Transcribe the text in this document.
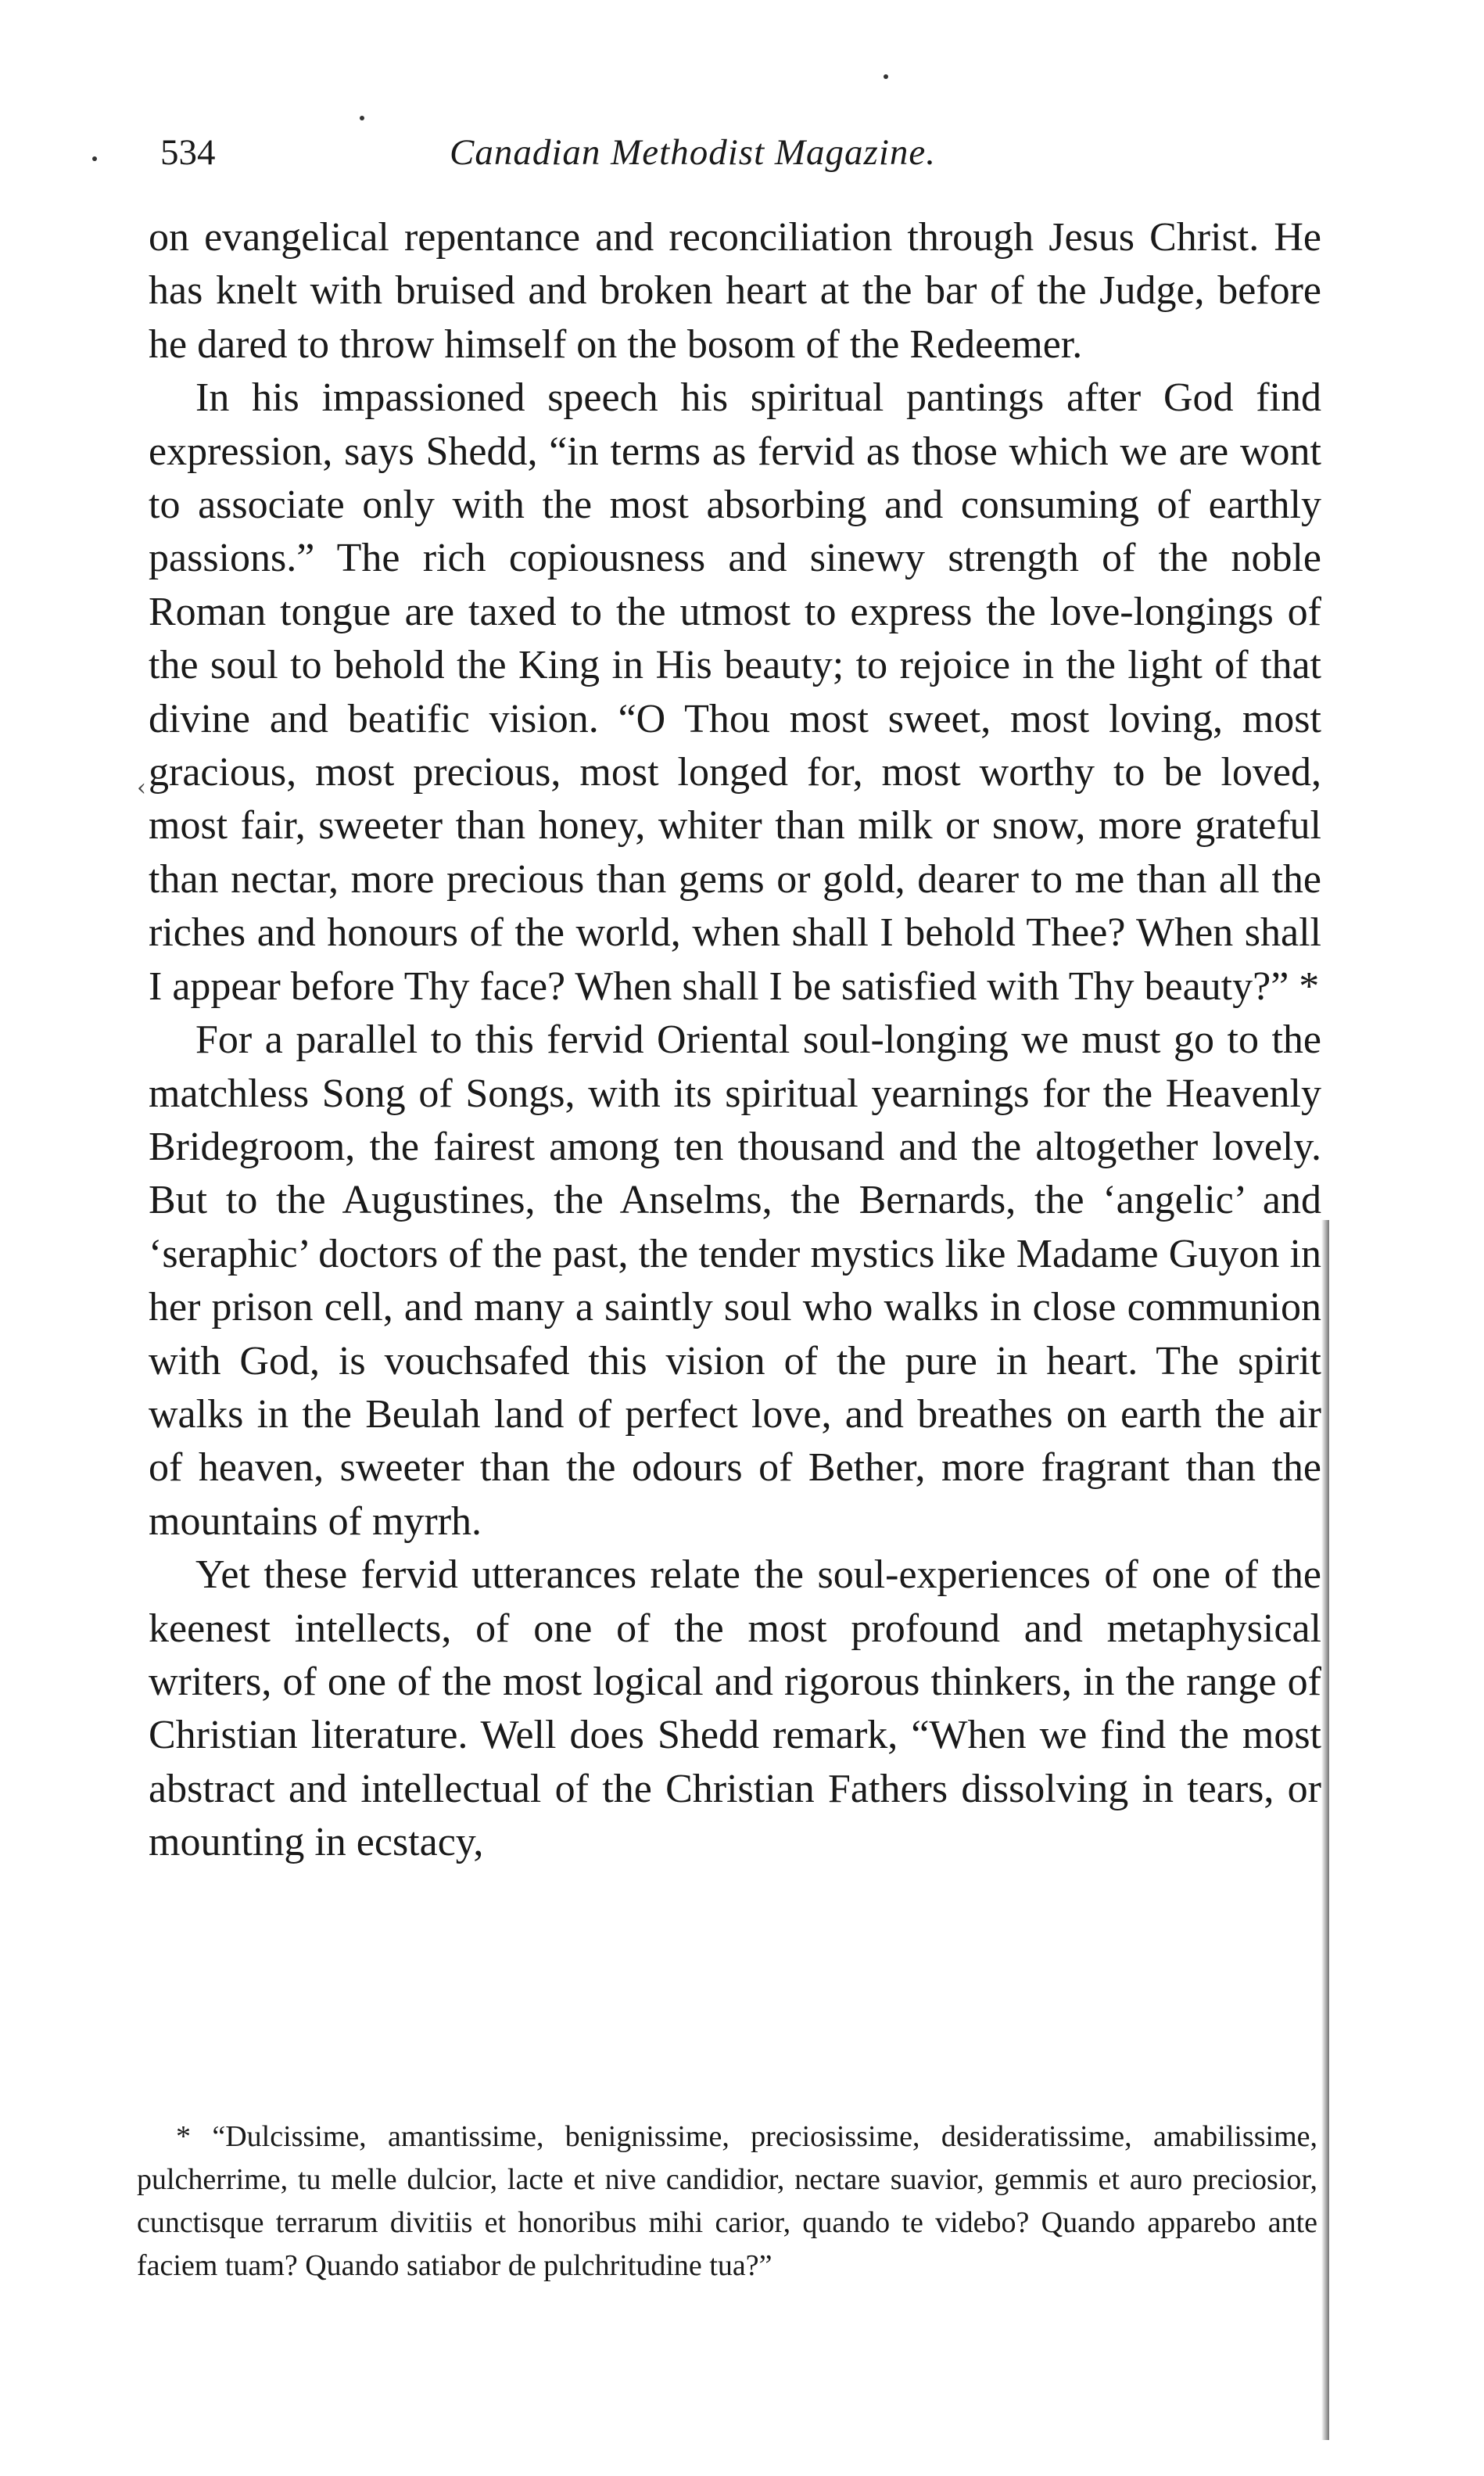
534	Canadian Methodist Magazine.

on evangelical repentance and reconciliation through Jesus Christ. He has knelt with bruised and broken heart at the bar of the Judge, before he dared to throw himself on the bosom of the Redeemer.

In his impassioned speech his spiritual pantings after God find expression, says Shedd, “in terms as fervid as those which we are wont to associate only with the most absorbing and consuming of earthly passions.” The rich copiousness and sinewy strength of the noble Roman tongue are taxed to the utmost to express the love-longings of the soul to behold the King in His beauty; to rejoice in the light of that divine and beatific vision. “O Thou most sweet, most loving, most gracious, most precious, most longed for, most worthy to be loved, most fair, sweeter than honey, whiter than milk or snow, more grateful than nectar, more precious than gems or gold, dearer to me than all the riches and honours of the world, when shall I behold Thee? When shall I appear before Thy face? When shall I be satisfied with Thy beauty?” *

For a parallel to this fervid Oriental soul-longing we must go to the matchless Song of Songs, with its spiritual yearnings for the Heavenly Bridegroom, the fairest among ten thousand and the altogether lovely. But to the Augustines, the Anselms, the Bernards, the ‘angelic’ and ‘seraphic’ doctors of the past, the tender mystics like Madame Guyon in her prison cell, and many a saintly soul who walks in close communion with God, is vouchsafed this vision of the pure in heart. The spirit walks in the Beulah land of perfect love, and breathes on earth the air of heaven, sweeter than the odours of Bether, more fragrant than the mountains of myrrh.

Yet these fervid utterances relate the soul-experiences of one of the keenest intellects, of one of the most profound and metaphysical writers, of one of the most logical and rigorous thinkers, in the range of Christian literature. Well does Shedd remark, “When we find the most abstract and intellectual of the Christian Fathers dissolving in tears, or mounting in ecstacy,

‹

* “Dulcissime, amantissime, benignissime, preciosissime, desideratissime, amabilissime, pulcherrime, tu melle dulcior, lacte et nive candidior, nectare suavior, gemmis et auro preciosior, cunctisque terrarum divitiis et honoribus mihi carior, quando te videbo? Quando apparebo ante faciem tuam? Quando satiabor de pulchritudine tua?”
